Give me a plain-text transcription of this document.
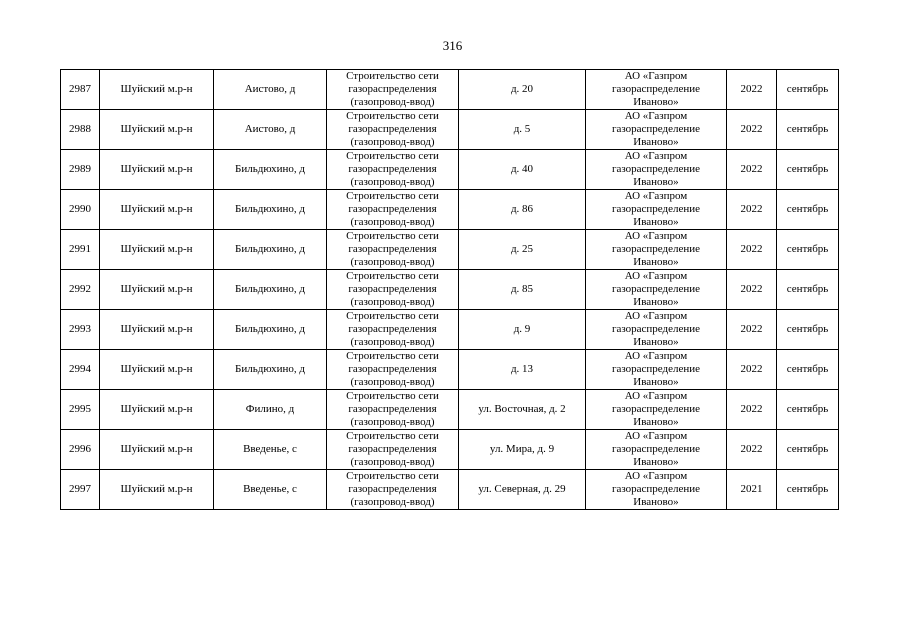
316
2987	Шуйский м.р-н	Аистово, д	Строительство сети
газораспределения
(газопровод-ввод)	д. 20	АО «Газпром
газораспределение
Иваново»	2022	сентябрь
2988	Шуйский м.р-н	Аистово, д	Строительство сети
газораспределения
(газопровод-ввод)	д. 5	АО «Газпром
газораспределение
Иваново»	2022	сентябрь
2989	Шуйский м.р-н	Бильдюхино, д	Строительство сети
газораспределения
(газопровод-ввод)	д. 40	АО «Газпром
газораспределение
Иваново»	2022	сентябрь
2990	Шуйский м.р-н	Бильдюхино, д	Строительство сети
газораспределения
(газопровод-ввод)	д. 86	АО «Газпром
газораспределение
Иваново»	2022	сентябрь
2991	Шуйский м.р-н	Бильдюхино, д	Строительство сети
газораспределения
(газопровод-ввод)	д. 25	АО «Газпром
газораспределение
Иваново»	2022	сентябрь
2992	Шуйский м.р-н	Бильдюхино, д	Строительство сети
газораспределения
(газопровод-ввод)	д. 85	АО «Газпром
газораспределение
Иваново»	2022	сентябрь
2993	Шуйский м.р-н	Бильдюхино, д	Строительство сети
газораспределения
(газопровод-ввод)	д. 9	АО «Газпром
газораспределение
Иваново»	2022	сентябрь
2994	Шуйский м.р-н	Бильдюхино, д	Строительство сети
газораспределения
(газопровод-ввод)	д. 13	АО «Газпром
газораспределение
Иваново»	2022	сентябрь
2995	Шуйский м.р-н	Филино, д	Строительство сети
газораспределения
(газопровод-ввод)	ул. Восточная, д. 2	АО «Газпром
газораспределение
Иваново»	2022	сентябрь
2996	Шуйский м.р-н	Введенье, с	Строительство сети
газораспределения
(газопровод-ввод)	ул. Мира, д. 9	АО «Газпром
газораспределение
Иваново»	2022	сентябрь
2997	Шуйский м.р-н	Введенье, с	Строительство сети
газораспределения
(газопровод-ввод)	ул. Северная, д. 29	АО «Газпром
газораспределение
Иваново»	2021	сентябрь
